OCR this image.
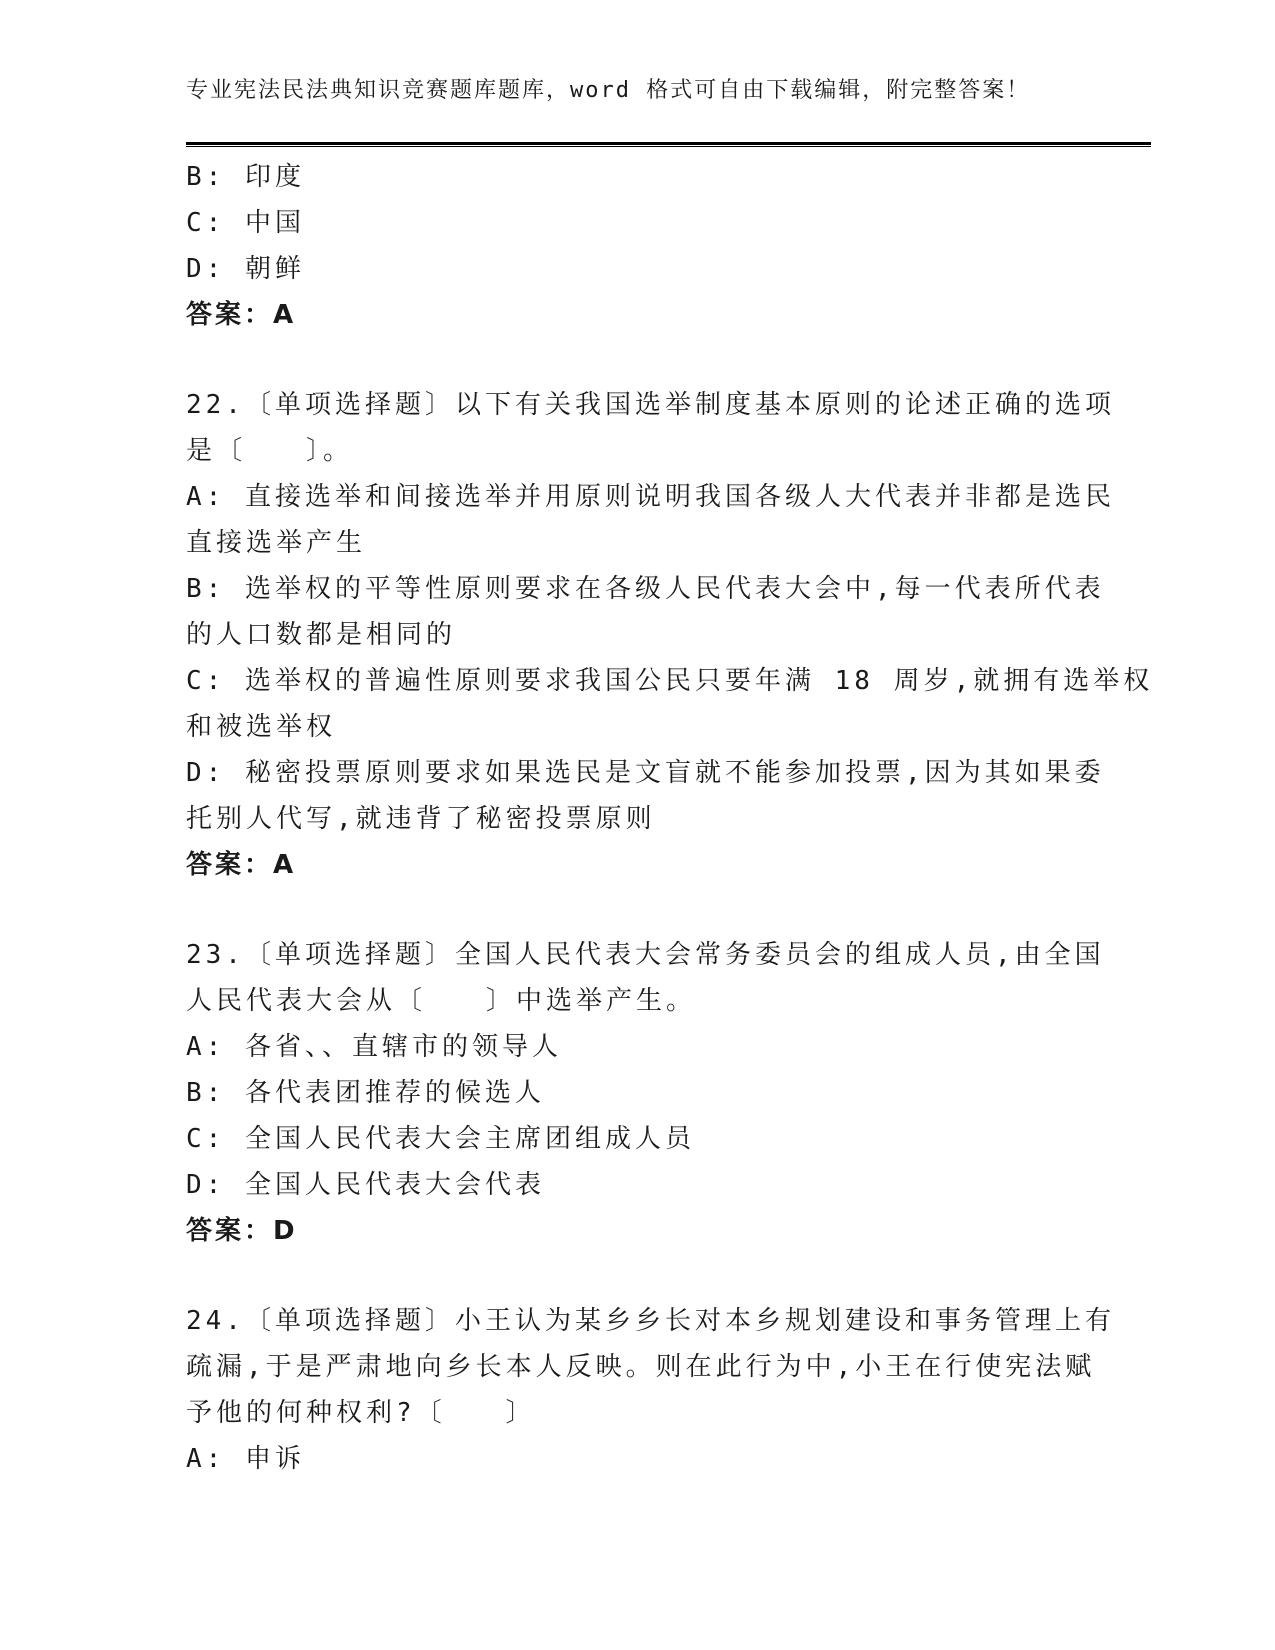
专业宪法民法典知识竞赛题库题库，word 格式可自由下载编辑，附完整答案！
B: 印度
C: 中国
D: 朝鲜
答案：A
22.〔单项选择题〕以下有关我国选举制度基本原则的论述正确的选项
是〔　　〕。
A: 直接选举和间接选举并用原则说明我国各级人大代表并非都是选民
直接选举产生
B: 选举权的平等性原则要求在各级人民代表大会中,每一代表所代表
的人口数都是相同的
C: 选举权的普遍性原则要求我国公民只要年满 18 周岁,就拥有选举权
和被选举权
D: 秘密投票原则要求如果选民是文盲就不能参加投票,因为其如果委
托别人代写,就违背了秘密投票原则
答案：A
23.〔单项选择题〕全国人民代表大会常务委员会的组成人员,由全国
人民代表大会从〔　　〕中选举产生。
A: 各省、、直辖市的领导人
B: 各代表团推荐的候选人
C: 全国人民代表大会主席团组成人员
D: 全国人民代表大会代表
答案：D
24.〔单项选择题〕小王认为某乡乡长对本乡规划建设和事务管理上有
疏漏,于是严肃地向乡长本人反映。则在此行为中,小王在行使宪法赋
予他的何种权利?〔　　〕
A: 申诉
